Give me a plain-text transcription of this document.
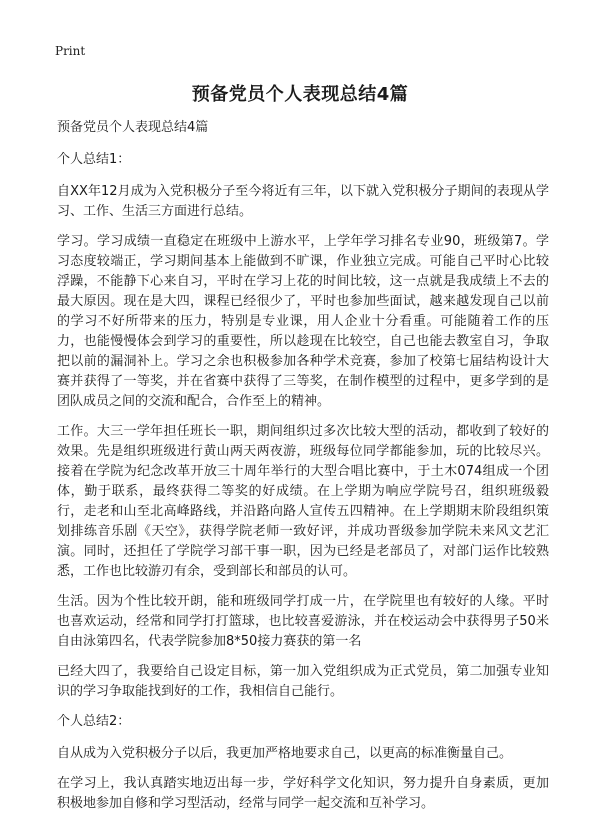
Print
预备党员个人表现总结4篇

预备党员个人表现总结4篇

个人总结1：

自XX年12月成为入党积极分子至今将近有三年，以下就入党积极分子期间的表现从学习、工作、生活三方面进行总结。

学习。学习成绩一直稳定在班级中上游水平，上学年学习排名专业90，班级第7。学习态度较端正，学习期间基本上能做到不旷课，作业独立完成。可能自己平时心比较浮躁，不能静下心来自习，平时在学习上花的时间比较，这一点就是我成绩上不去的最大原因。现在是大四，课程已经很少了，平时也参加些面试，越来越发现自己以前的学习不好所带来的压力，特别是专业课，用人企业十分看重。可能随着工作的压力，也能慢慢体会到学习的重要性，所以趁现在比较空，自己也能去教室自习，争取把以前的漏洞补上。学习之余也积极参加各种学术竞赛，参加了校第七届结构设计大赛并获得了一等奖，并在省赛中获得了三等奖，在制作模型的过程中，更多学到的是团队成员之间的交流和配合，合作至上的精神。

工作。大三一学年担任班长一职，期间组织过多次比较大型的活动，都收到了较好的效果。先是组织班级进行黄山两天两夜游，班级每位同学都能参加，玩的比较尽兴。接着在学院为纪念改革开放三十周年举行的大型合唱比赛中，于土木074组成一个团体，勤于联系，最终获得二等奖的好成绩。在上学期为响应学院号召，组织班级毅行，走老和山至北高峰路线，并沿路向路人宣传五四精神。在上学期期末阶段组织策划排练音乐剧《天空》，获得学院老师一致好评，并成功晋级参加学院未来风文艺汇演。同时，还担任了学院学习部干事一职，因为已经是老部员了，对部门运作比较熟悉，工作也比较游刃有余，受到部长和部员的认可。

生活。因为个性比较开朗，能和班级同学打成一片，在学院里也有较好的人缘。平时也喜欢运动，经常和同学打打篮球，也比较喜爱游泳，并在校运动会中获得男子50米自由泳第四名，代表学院参加8*50接力赛获的第一名

已经大四了，我要给自己设定目标，第一加入党组织成为正式党员，第二加强专业知识的学习争取能找到好的工作，我相信自己能行。

个人总结2：

自从成为入党积极分子以后，我更加严格地要求自己，以更高的标准衡量自己。

在学习上，我认真踏实地迈出每一步，学好科学文化知识，努力提升自身素质，更加积极地参加自修和学习型活动，经常与同学一起交流和互补学习。
